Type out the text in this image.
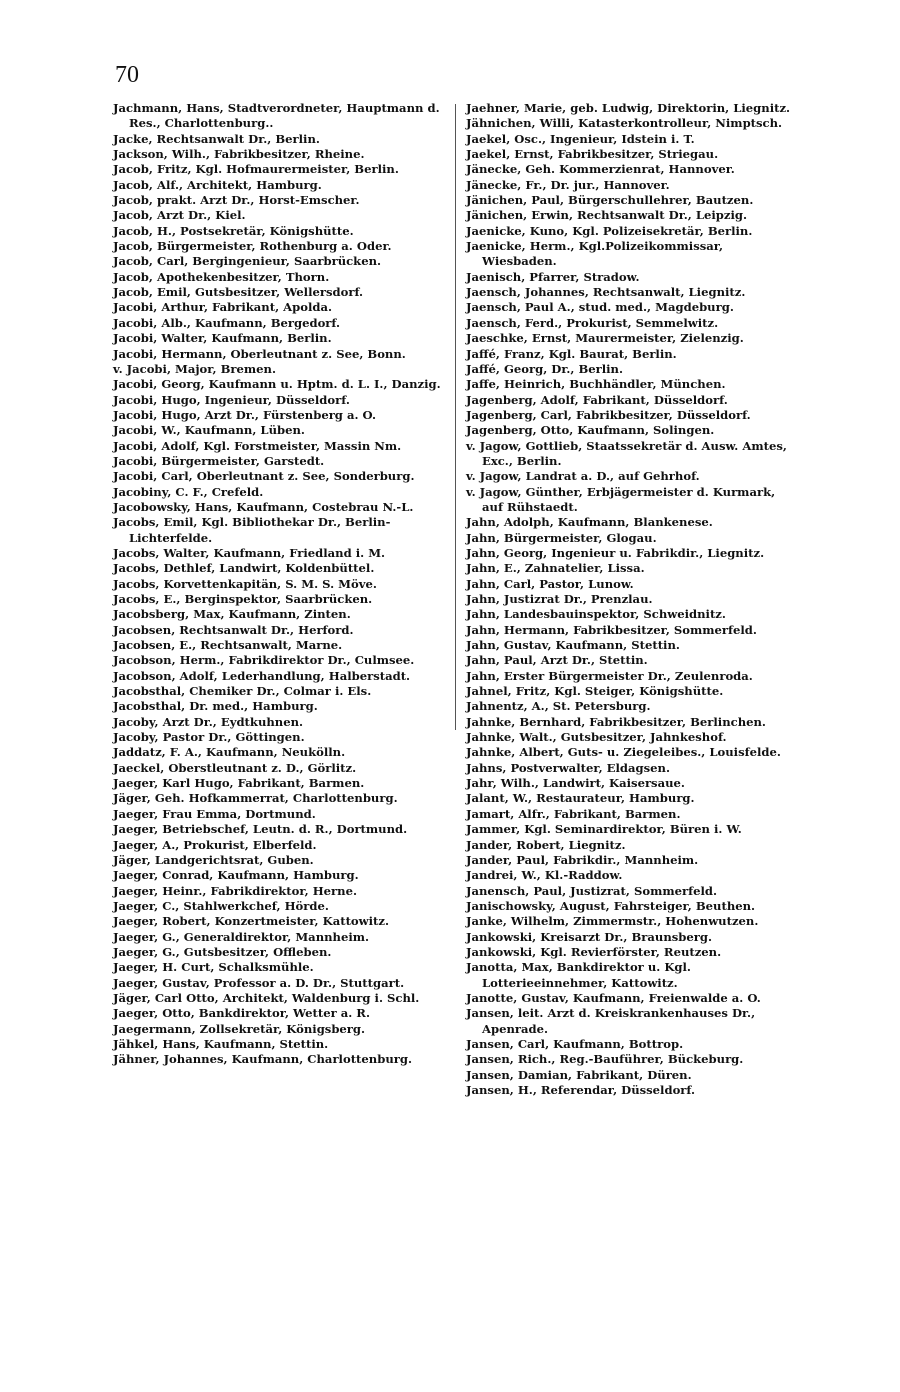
70

Jachmann, Hans, Stadtverordneter, Hauptmann d. Res., Charlottenburg..

Jacke, Rechtsanwalt Dr., Berlin.

Jackson, Wilh., Fabrikbesitzer, Rheine.

Jacob, Fritz, Kgl. Hofmaurermeister, Berlin.

Jacob, Alf., Architekt, Hamburg.

Jacob, prakt. Arzt Dr., Horst-Emscher.

Jacob, Arzt Dr., Kiel.

Jacob, H., Postsekretär, Königshütte.

Jacob, Bürgermeister, Rothenburg a. Oder.

Jacob, Carl, Bergingenieur, Saarbrücken.

Jacob, Apothekenbesitzer, Thorn.

Jacob, Emil, Gutsbesitzer, Wellersdorf.

Jacobi, Arthur, Fabrikant, Apolda.

Jacobi, Alb., Kaufmann, Bergedorf.

Jacobi, Walter, Kaufmann, Berlin.

Jacobi, Hermann, Oberleutnant z. See, Bonn.

v. Jacobi, Major, Bremen.

Jacobi, Georg, Kaufmann u. Hptm. d. L. I., Danzig.

Jacobi, Hugo, Ingenieur, Düsseldorf.

Jacobi, Hugo, Arzt Dr., Fürstenberg a. O.

Jacobi, W., Kaufmann, Lüben.

Jacobi, Adolf, Kgl. Forstmeister, Massin Nm.

Jacobi, Bürgermeister, Garstedt.

Jacobi, Carl, Oberleutnant z. See, Sonderburg.

Jacobiny, C. F., Crefeld.

Jacobowsky, Hans, Kaufmann, Costebrau N.-L.

Jacobs, Emil, Kgl. Bibliothekar Dr., Berlin-Lichterfelde.

Jacobs, Walter, Kaufmann, Friedland i. M.

Jacobs, Dethlef, Landwirt, Koldenbüttel.

Jacobs, Korvettenkapitän, S. M. S. Möve.

Jacobs, E., Berginspektor, Saarbrücken.

Jacobsberg, Max, Kaufmann, Zinten.

Jacobsen, Rechtsanwalt Dr., Herford.

Jacobsen, E., Rechtsanwalt, Marne.

Jacobson, Herm., Fabrikdirektor Dr., Culmsee.

Jacobson, Adolf, Lederhandlung, Halberstadt.

Jacobsthal, Chemiker Dr., Colmar i. Els.

Jacobsthal, Dr. med., Hamburg.

Jacoby, Arzt Dr., Eydtkuhnen.

Jacoby, Pastor Dr., Göttingen.

Jaddatz, F. A., Kaufmann, Neukölln.

Jaeckel, Oberstleutnant z. D., Görlitz.

Jaeger, Karl Hugo, Fabrikant, Barmen.

Jäger, Geh. Hofkammerrat, Charlottenburg.

Jaeger, Frau Emma, Dortmund.

Jaeger, Betriebschef, Leutn. d. R., Dortmund.

Jaeger, A., Prokurist, Elberfeld.

Jäger, Landgerichtsrat, Guben.

Jaeger, Conrad, Kaufmann, Hamburg.

Jaeger, Heinr., Fabrikdirektor, Herne.

Jaeger, C., Stahlwerkchef, Hörde.

Jaeger, Robert, Konzertmeister, Kattowitz.

Jaeger, G., Generaldirektor, Mannheim.

Jaeger, G., Gutsbesitzer, Offleben.

Jaeger, H. Curt, Schalksmühle.

Jaeger, Gustav, Professor a. D. Dr., Stuttgart.

Jäger, Carl Otto, Architekt, Waldenburg i. Schl.

Jaeger, Otto, Bankdirektor, Wetter a. R.

Jaegermann, Zollsekretär, Königsberg.

Jähkel, Hans, Kaufmann, Stettin.

Jähner, Johannes, Kaufmann, Charlottenburg.

Jaehner, Marie, geb. Ludwig, Direktorin, Liegnitz.

Jähnichen, Willi, Katasterkontrolleur, Nimptsch.

Jaekel, Osc., Ingenieur, Idstein i. T.

Jaekel, Ernst, Fabrikbesitzer, Striegau.

Jänecke, Geh. Kommerzienrat, Hannover.

Jänecke, Fr., Dr. jur., Hannover.

Jänichen, Paul, Bürgerschullehrer, Bautzen.

Jänichen, Erwin, Rechtsanwalt Dr., Leipzig.

Jaenicke, Kuno, Kgl. Polizeisekretär, Berlin.

Jaenicke, Herm., Kgl.Polizeikommissar, Wiesbaden.

Jaenisch, Pfarrer, Stradow.

Jaensch, Johannes, Rechtsanwalt, Liegnitz.

Jaensch, Paul A., stud. med., Magdeburg.

Jaensch, Ferd., Prokurist, Semmelwitz.

Jaeschke, Ernst, Maurermeister, Zielenzig.

Jaffé, Franz, Kgl. Baurat, Berlin.

Jaffé, Georg, Dr., Berlin.

Jaffe, Heinrich, Buchhändler, München.

Jagenberg, Adolf, Fabrikant, Düsseldorf.

Jagenberg, Carl, Fabrikbesitzer, Düsseldorf.

Jagenberg, Otto, Kaufmann, Solingen.

v. Jagow, Gottlieb, Staatssekretär d. Ausw. Amtes, Exc., Berlin.

v. Jagow, Landrat a. D., auf Gehrhof.

v. Jagow, Günther, Erbjägermeister d. Kurmark, auf Rühstaedt.

Jahn, Adolph, Kaufmann, Blankenese.

Jahn, Bürgermeister, Glogau.

Jahn, Georg, Ingenieur u. Fabrikdir., Liegnitz.

Jahn, E., Zahnatelier, Lissa.

Jahn, Carl, Pastor, Lunow.

Jahn, Justizrat Dr., Prenzlau.

Jahn, Landesbauinspektor, Schweidnitz.

Jahn, Hermann, Fabrikbesitzer, Sommerfeld.

Jahn, Gustav, Kaufmann, Stettin.

Jahn, Paul, Arzt Dr., Stettin.

Jahn, Erster Bürgermeister Dr., Zeulenroda.

Jahnel, Fritz, Kgl. Steiger, Königshütte.

Jahnentz, A., St. Petersburg.

Jahnke, Bernhard, Fabrikbesitzer, Berlinchen.

Jahnke, Walt., Gutsbesitzer, Jahnkeshof.

Jahnke, Albert, Guts- u. Ziegeleibes., Louisfelde.

Jahns, Postverwalter, Eldagsen.

Jahr, Wilh., Landwirt, Kaisersaue.

Jalant, W., Restaurateur, Hamburg.

Jamart, Alfr., Fabrikant, Barmen.

Jammer, Kgl. Seminardirektor, Büren i. W.

Jander, Robert, Liegnitz.

Jander, Paul, Fabrikdir., Mannheim.

Jandrei, W., Kl.-Raddow.

Janensch, Paul, Justizrat, Sommerfeld.

Janischowsky, August, Fahrsteiger, Beuthen.

Janke, Wilhelm, Zimmermstr., Hohenwutzen.

Jankowski, Kreisarzt Dr., Braunsberg.

Jankowski, Kgl. Revierförster, Reutzen.

Janotta, Max, Bankdirektor u. Kgl. Lotterieeinnehmer, Kattowitz.

Janotte, Gustav, Kaufmann, Freienwalde a. O.

Jansen, leit. Arzt d. Kreiskrankenhauses Dr., Apenrade.

Jansen, Carl, Kaufmann, Bottrop.

Jansen, Rich., Reg.-Bauführer, Bückeburg.

Jansen, Damian, Fabrikant, Düren.

Jansen, H., Referendar, Düsseldorf.
